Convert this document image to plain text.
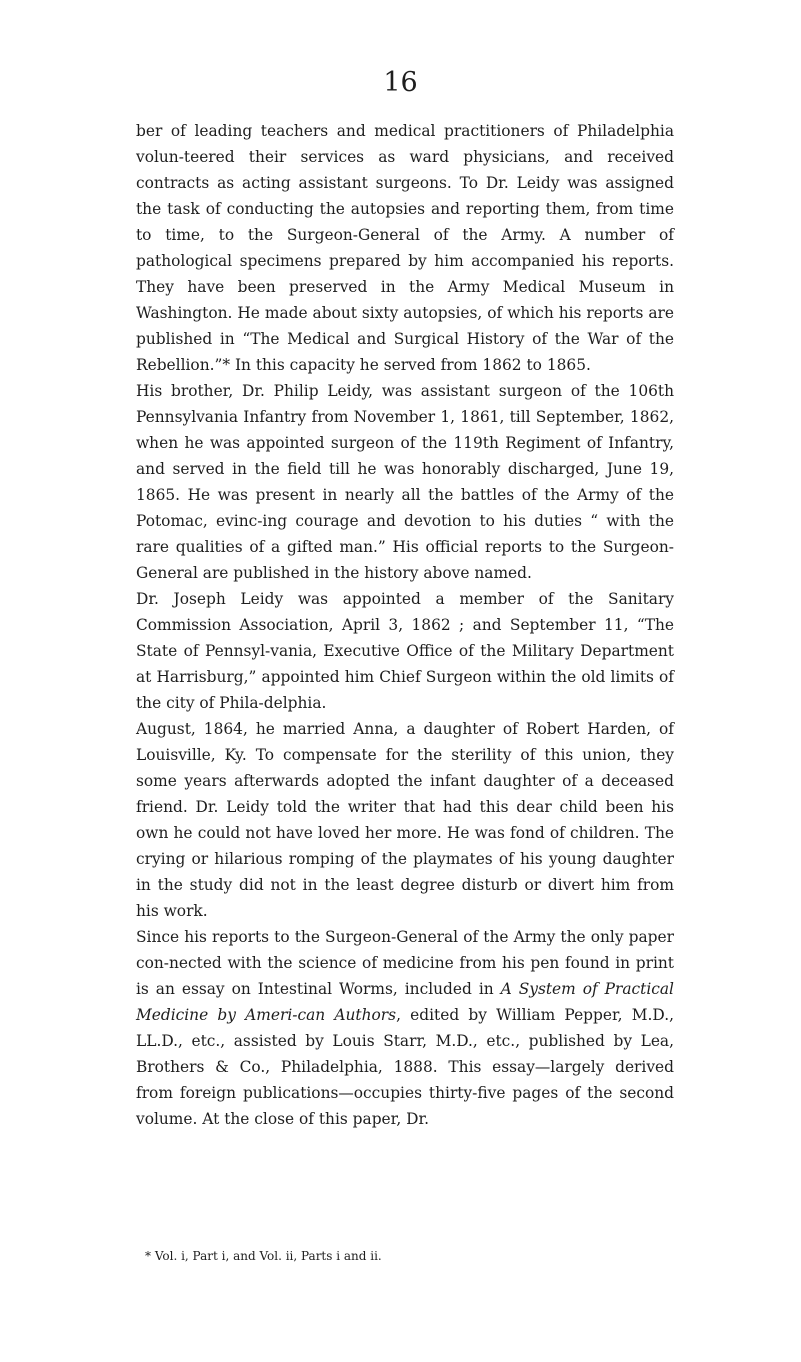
16

ber of leading teachers and medical practitioners of Philadelphia volun-teered their services as ward physicians, and received contracts as acting assistant surgeons. To Dr. Leidy was assigned the task of conducting the autopsies and reporting them, from time to time, to the Surgeon-General of the Army. A number of pathological specimens prepared by him accompanied his reports. They have been preserved in the Army Medical Museum in Washington. He made about sixty autopsies, of which his reports are published in “The Medical and Surgical History of the War of the Rebellion.”* In this capacity he served from 1862 to 1865.

His brother, Dr. Philip Leidy, was assistant surgeon of the 106th Pennsylvania Infantry from November 1, 1861, till September, 1862, when he was appointed surgeon of the 119th Regiment of Infantry, and served in the field till he was honorably discharged, June 19, 1865. He was present in nearly all the battles of the Army of the Potomac, evinc-ing courage and devotion to his duties “ with the rare qualities of a gifted man.” His official reports to the Surgeon-General are published in the history above named.

Dr. Joseph Leidy was appointed a member of the Sanitary Commission Association, April 3, 1862 ; and September 11, “The State of Pennsyl-vania, Executive Office of the Military Department at Harrisburg,” appointed him Chief Surgeon within the old limits of the city of Phila-delphia.

August, 1864, he married Anna, a daughter of Robert Harden, of Louisville, Ky. To compensate for the sterility of this union, they some years afterwards adopted the infant daughter of a deceased friend. Dr. Leidy told the writer that had this dear child been his own he could not have loved her more. He was fond of children. The crying or hilarious romping of the playmates of his young daughter in the study did not in the least degree disturb or divert him from his work.

Since his reports to the Surgeon-General of the Army the only paper con-nected with the science of medicine from his pen found in print is an essay on Intestinal Worms, included in A System of Practical Medicine by Ameri-can Authors, edited by William Pepper, M.D., LL.D., etc., assisted by Louis Starr, M.D., etc., published by Lea, Brothers & Co., Philadelphia, 1888. This essay—largely derived from foreign publications—occupies thirty-five pages of the second volume. At the close of this paper, Dr.

* Vol. i, Part i, and Vol. ii, Parts i and ii.
